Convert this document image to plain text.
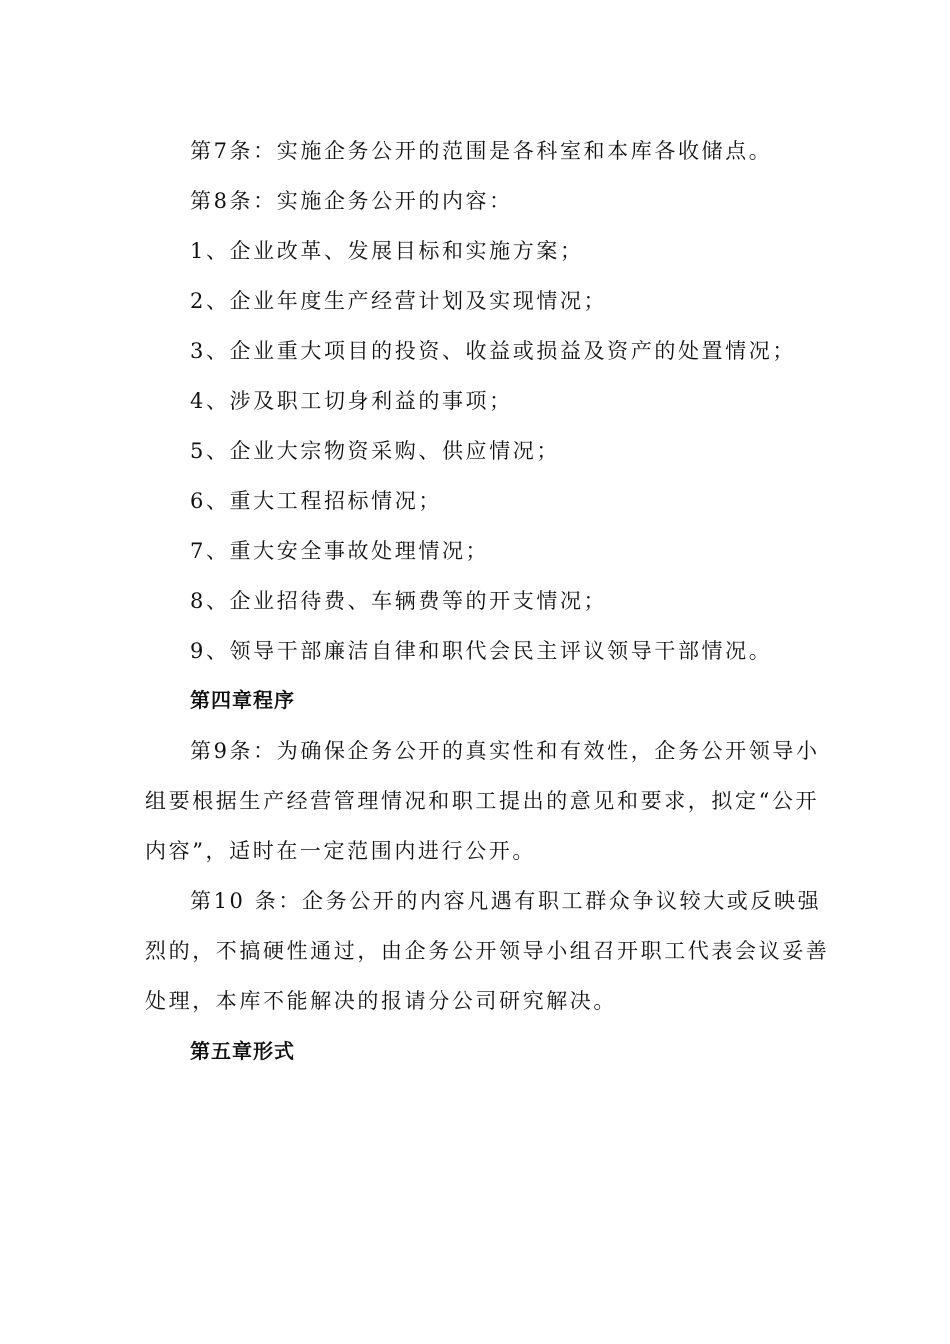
第7条：实施企务公开的范围是各科室和本库各收储点。
第8条：实施企务公开的内容：
1、企业改革、发展目标和实施方案；
2、企业年度生产经营计划及实现情况；
3、企业重大项目的投资、收益或损益及资产的处置情况；
4、涉及职工切身利益的事项；
5、企业大宗物资采购、供应情况；
6、重大工程招标情况；
7、重大安全事故处理情况；
8、企业招待费、车辆费等的开支情况；
9、领导干部廉洁自律和职代会民主评议领导干部情况。
第四章程序
第9条：为确保企务公开的真实性和有效性，企务公开领导小
组要根据生产经营管理情况和职工提出的意见和要求，拟定“公开
内容”，适时在一定范围内进行公开。
第10 条：企务公开的内容凡遇有职工群众争议较大或反映强
烈的，不搞硬性通过，由企务公开领导小组召开职工代表会议妥善
处理，本库不能解决的报请分公司研究解决。
第五章形式
